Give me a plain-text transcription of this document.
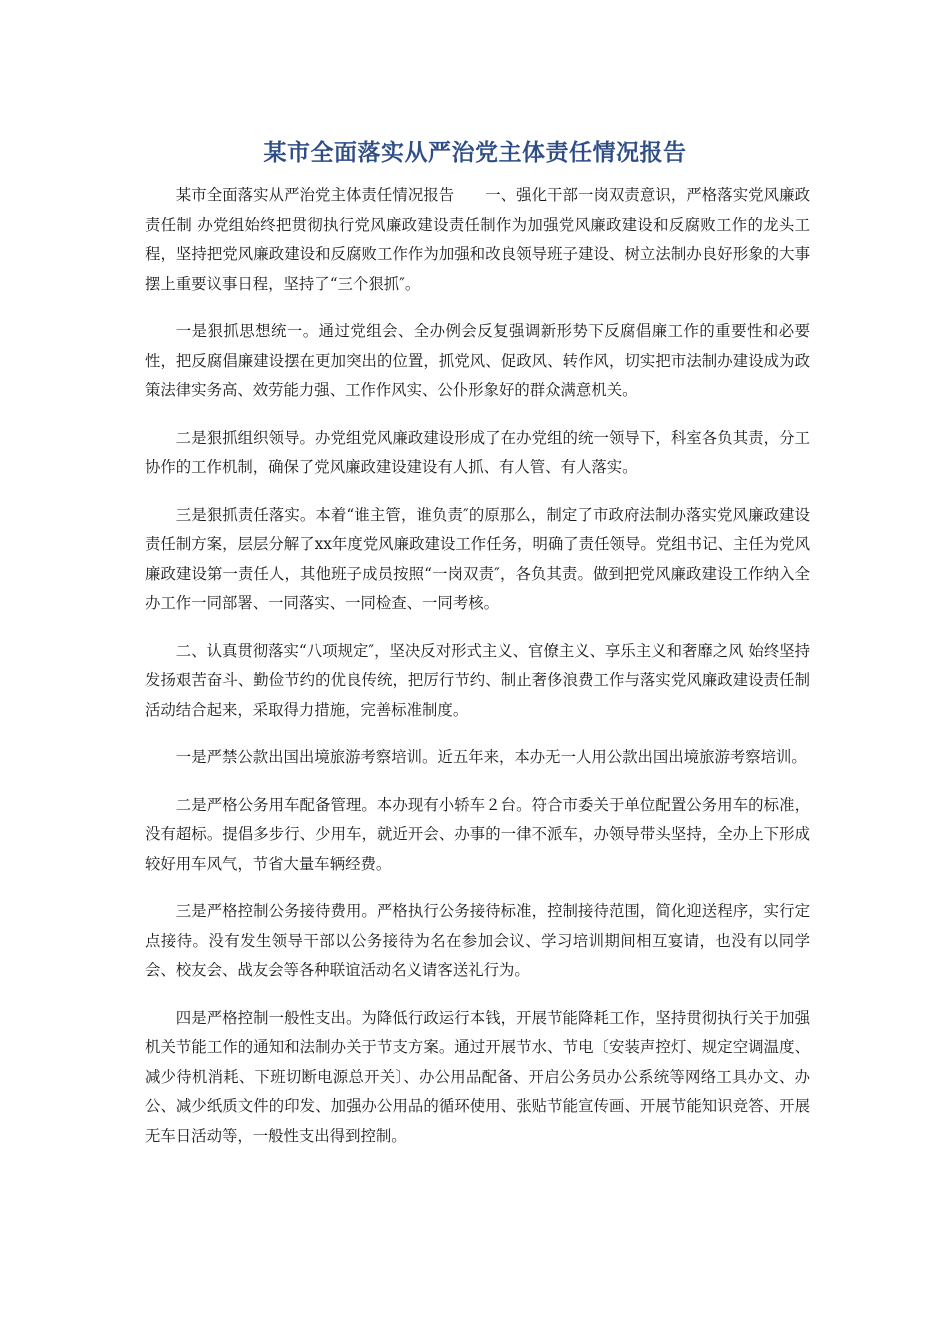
某市全面落实从严治党主体责任情况报告

某市全面落实从严治党主体责任情况报告　　一、强化干部一岗双责意识，严格落实党风廉政责任制 办党组始终把贯彻执行党风廉政建设责任制作为加强党风廉政建设和反腐败工作的龙头工程，坚持把党风廉政建设和反腐败工作作为加强和改良领导班子建设、树立法制办良好形象的大事摆上重要议事日程，坚持了“三个狠抓″。

一是狠抓思想统一。通过党组会、全办例会反复强调新形势下反腐倡廉工作的重要性和必要性，把反腐倡廉建设摆在更加突出的位置，抓党风、促政风、转作风，切实把市法制办建设成为政策法律实务高、效劳能力强、工作作风实、公仆形象好的群众满意机关。

二是狠抓组织领导。办党组党风廉政建设形成了在办党组的统一领导下，科室各负其责，分工协作的工作机制，确保了党风廉政建设建设有人抓、有人管、有人落实。

三是狠抓责任落实。本着“谁主管，谁负责″的原那么，制定了市政府法制办落实党风廉政建设责任制方案，层层分解了xx年度党风廉政建设工作任务，明确了责任领导。党组书记、主任为党风廉政建设第一责任人，其他班子成员按照“一岗双责″，各负其责。做到把党风廉政建设工作纳入全办工作一同部署、一同落实、一同检查、一同考核。

二、认真贯彻落实“八项规定″，坚决反对形式主义、官僚主义、享乐主义和奢靡之风 始终坚持发扬艰苦奋斗、勤俭节约的优良传统，把厉行节约、制止奢侈浪费工作与落实党风廉政建设责任制活动结合起来，采取得力措施，完善标准制度。

一是严禁公款出国出境旅游考察培训。近五年来，本办无一人用公款出国出境旅游考察培训。

二是严格公务用车配备管理。本办现有小轿车２台。符合市委关于单位配置公务用车的标准，没有超标。提倡多步行、少用车，就近开会、办事的一律不派车，办领导带头坚持，全办上下形成较好用车风气，节省大量车辆经费。

三是严格控制公务接待费用。严格执行公务接待标准，控制接待范围，简化迎送程序，实行定点接待。没有发生领导干部以公务接待为名在参加会议、学习培训期间相互宴请，也没有以同学会、校友会、战友会等各种联谊活动名义请客送礼行为。

四是严格控制一般性支出。为降低行政运行本钱，开展节能降耗工作，坚持贯彻执行关于加强机关节能工作的通知和法制办关于节支方案。通过开展节水、节电〔安装声控灯、规定空调温度、减少待机消耗、下班切断电源总开关〕、办公用品配备、开启公务员办公系统等网络工具办文、办公、减少纸质文件的印发、加强办公用品的循环使用、张贴节能宣传画、开展节能知识竞答、开展无车日活动等，一般性支出得到控制。
